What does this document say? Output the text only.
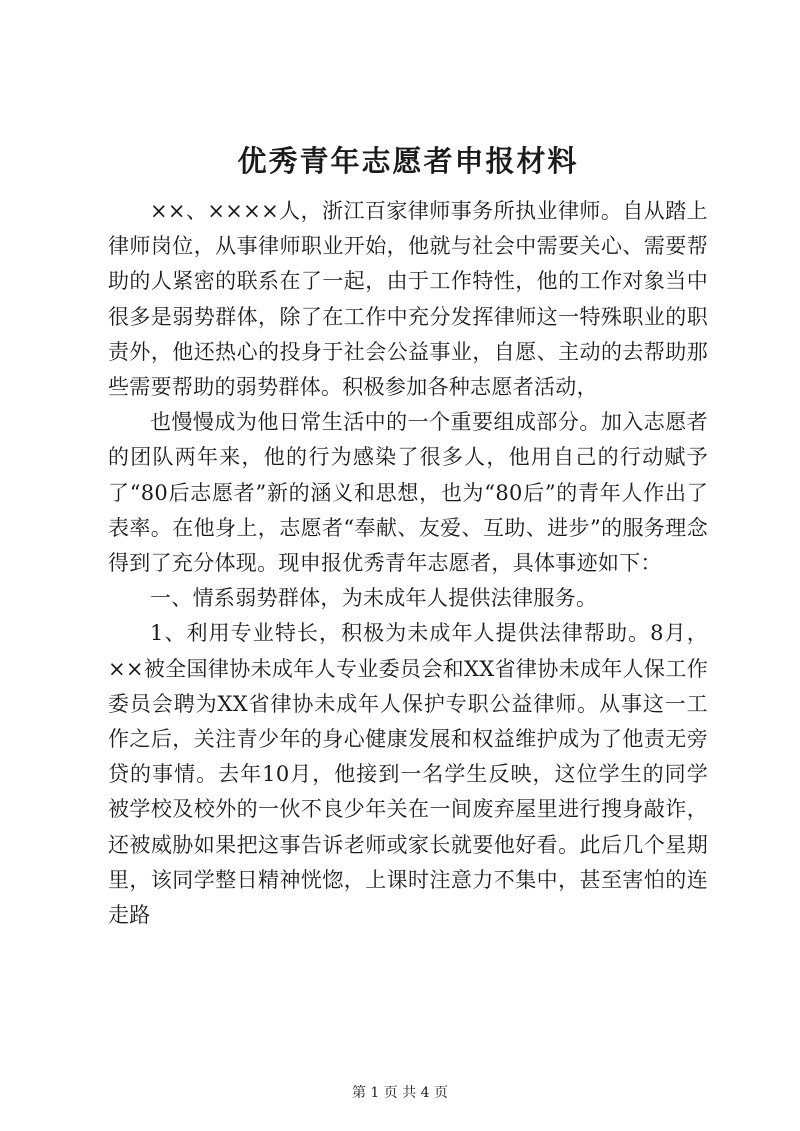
优秀青年志愿者申报材料

××、××××人，浙江百家律师事务所执业律师。自从踏上律师岗位，从事律师职业开始，他就与社会中需要关心、需要帮助的人紧密的联系在了一起，由于工作特性，他的工作对象当中很多是弱势群体，除了在工作中充分发挥律师这一特殊职业的职责外，他还热心的投身于社会公益事业，自愿、主动的去帮助那些需要帮助的弱势群体。积极参加各种志愿者活动，

也慢慢成为他日常生活中的一个重要组成部分。加入志愿者的团队两年来，他的行为感染了很多人，他用自己的行动赋予了“80后志愿者”新的涵义和思想，也为“80后”的青年人作出了表率。在他身上，志愿者“奉献、友爱、互助、进步”的服务理念得到了充分体现。现申报优秀青年志愿者，具体事迹如下：

一、情系弱势群体，为未成年人提供法律服务。

1、利用专业特长，积极为未成年人提供法律帮助。8月，××被全国律协未成年人专业委员会和XX省律协未成年人保工作委员会聘为XX省律协未成年人保护专职公益律师。从事这一工作之后，关注青少年的身心健康发展和权益维护成为了他责无旁贷的事情。去年10月，他接到一名学生反映，这位学生的同学被学校及校外的一伙不良少年关在一间废弃屋里进行搜身敲诈，还被威胁如果把这事告诉老师或家长就要他好看。此后几个星期里，该同学整日精神恍惚，上课时注意力不集中，甚至害怕的连走路

第 1 页 共 4 页
